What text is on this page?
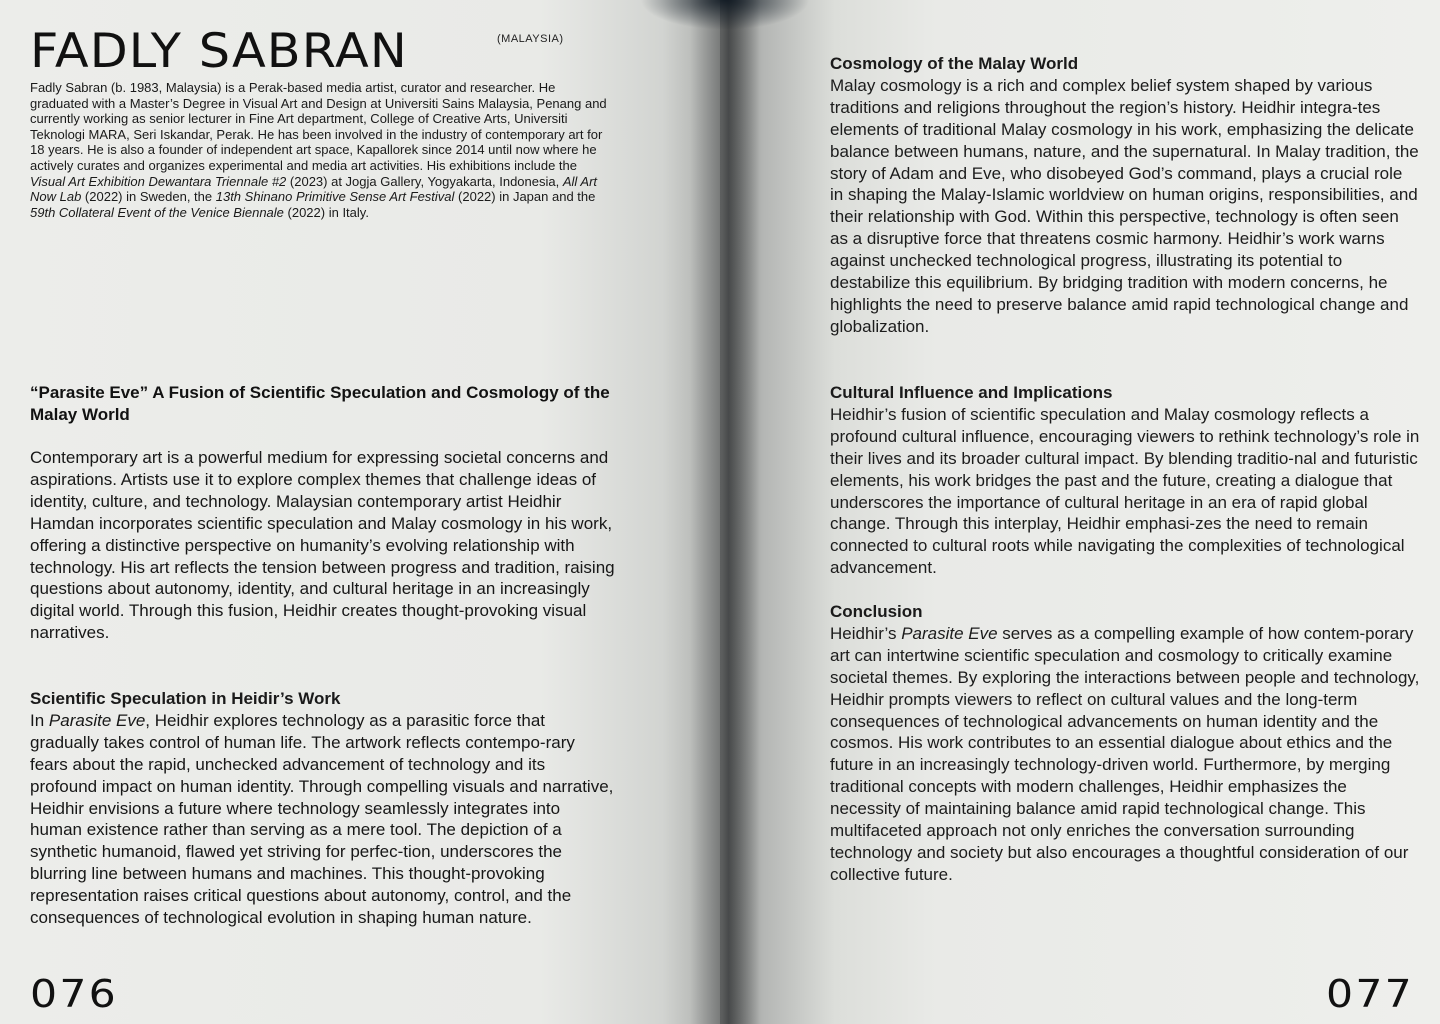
FADLY SABRAN	(MALAYSIA)

Fadly Sabran (b. 1983, Malaysia) is a Perak-based media artist, curator and researcher. He graduated with a Master’s Degree in Visual Art and Design at Universiti Sains Malaysia, Penang and currently working as senior lecturer in Fine Art department, College of Creative Arts, Universiti Teknologi MARA, Seri Iskandar, Perak. He has been involved in the industry of contemporary art for 18 years. He is also a founder of independent art space, Kapallorek since 2014 until now where he actively curates and organizes experimental and media art activities. His exhibitions include the Visual Art Exhibition Dewantara Triennale #2 (2023) at Jogja Gallery, Yogyakarta, Indonesia, All Art Now Lab (2022) in Sweden, the 13th Shinano Primitive Sense Art Festival (2022) in Japan and the 59th Collateral Event of the Venice Biennale (2022) in Italy.

“Parasite Eve” A Fusion of Scientific Speculation and Cosmology of the Malay World

Contemporary art is a powerful medium for expressing societal concerns and aspirations. Artists use it to explore complex themes that challenge ideas of identity, culture, and technology. Malaysian contemporary artist Heidhir Hamdan incorporates scientific speculation and Malay cosmology in his work, offering a distinctive perspective on humanity’s evolving relationship with technology. His art reflects the tension between progress and tradition, raising questions about autonomy, identity, and cultural heritage in an increasingly digital world. Through this fusion, Heidhir creates thought-provoking visual narratives.

Scientific Speculation in Heidir’s Work

In Parasite Eve, Heidhir explores technology as a parasitic force that gradually takes control of human life. The artwork reflects contempo-rary fears about the rapid, unchecked advancement of technology and its profound impact on human identity. Through compelling visuals and narrative, Heidhir envisions a future where technology seamlessly integrates into human existence rather than serving as a mere tool. The depiction of a synthetic humanoid, flawed yet striving for perfec-tion, underscores the blurring line between humans and machines. This thought-provoking representation raises critical questions about autonomy, control, and the consequences of technological evolution in shaping human nature.

076
Cosmology of the Malay World

Malay cosmology is a rich and complex belief system shaped by various traditions and religions throughout the region’s history. Heidhir integra-tes elements of traditional Malay cosmology in his work, emphasizing the delicate balance between humans, nature, and the supernatural. In Malay tradition, the story of Adam and Eve, who disobeyed God’s command, plays a crucial role in shaping the Malay-Islamic worldview on human origins, responsibilities, and their relationship with God. Within this perspective, technology is often seen as a disruptive force that threatens cosmic harmony. Heidhir’s work warns against unchecked technological progress, illustrating its potential to destabilize this equilibrium. By bridging tradition with modern concerns, he highlights the need to preserve balance amid rapid technological change and globalization.

Cultural Influence and Implications

Heidhir’s fusion of scientific speculation and Malay cosmology reflects a profound cultural influence, encouraging viewers to rethink technology’s role in their lives and its broader cultural impact. By blending traditio-nal and futuristic elements, his work bridges the past and the future, creating a dialogue that underscores the importance of cultural heritage in an era of rapid global change. Through this interplay, Heidhir emphasi-zes the need to remain connected to cultural roots while navigating the complexities of technological advancement.

Conclusion

Heidhir’s Parasite Eve serves as a compelling example of how contem-porary art can intertwine scientific speculation and cosmology to critically examine societal themes. By exploring the interactions between people and technology, Heidhir prompts viewers to reflect on cultural values and the long-term consequences of technological advancements on human identity and the cosmos. His work contributes to an essential dialogue about ethics and the future in an increasingly technology-driven world. Furthermore, by merging traditional concepts with modern challenges, Heidhir emphasizes the necessity of maintaining balance amid rapid technological change. This multifaceted approach not only enriches the conversation surrounding technology and society but also encourages a thoughtful consideration of our collective future.

077
